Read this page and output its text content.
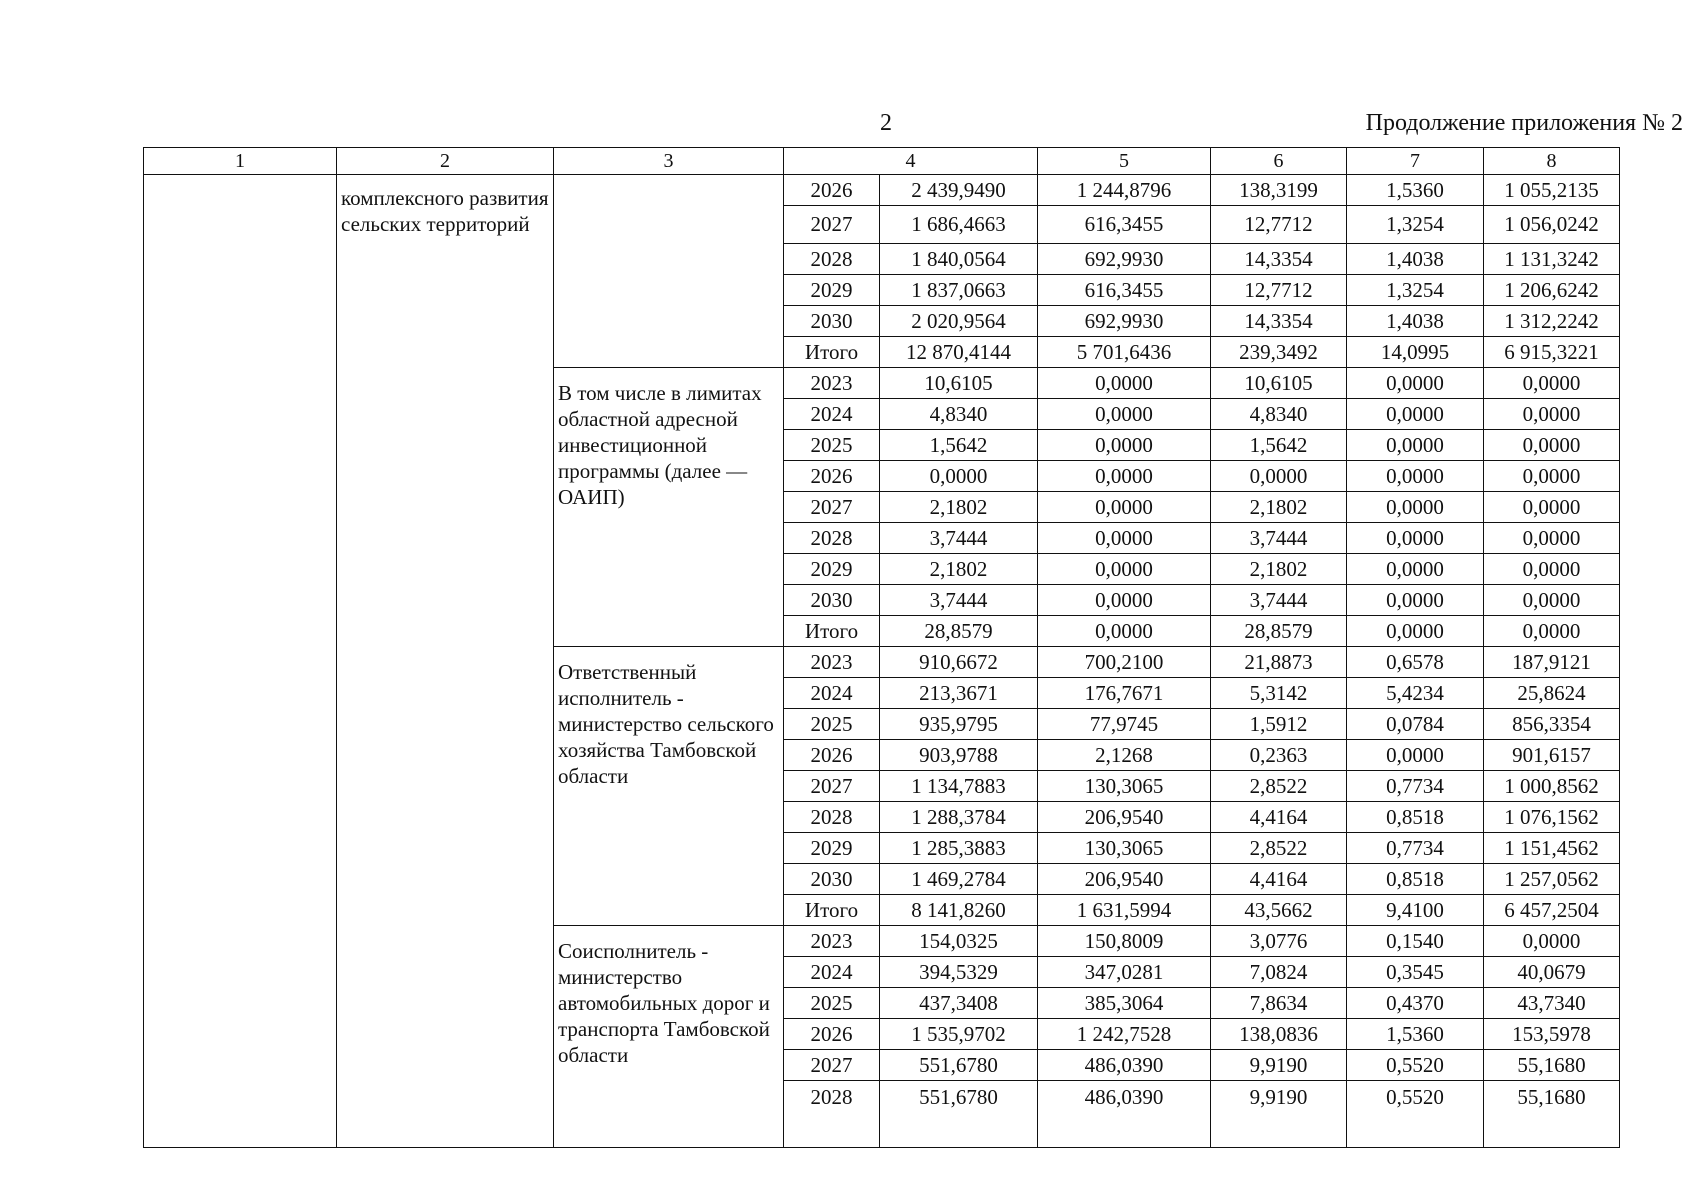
2	Продолжение приложения № 2
1	2	3	4		5	6	7	8
	комплексного развития сельских территорий		2026	2 439,9490	1 244,8796	138,3199	1,5360	1 055,2135
			2027	1 686,4663	616,3455	12,7712	1,3254	1 056,0242
			2028	1 840,0564	692,9930	14,3354	1,4038	1 131,3242
			2029	1 837,0663	616,3455	12,7712	1,3254	1 206,6242
			2030	2 020,9564	692,9930	14,3354	1,4038	1 312,2242
			Итого	12 870,4144	5 701,6436	239,3492	14,0995	6 915,3221
		В том числе в лимитах областной адресной инвестиционной программы (далее — ОАИП)	2023	10,6105	0,0000	10,6105	0,0000	0,0000
			2024	4,8340	0,0000	4,8340	0,0000	0,0000
			2025	1,5642	0,0000	1,5642	0,0000	0,0000
			2026	0,0000	0,0000	0,0000	0,0000	0,0000
			2027	2,1802	0,0000	2,1802	0,0000	0,0000
			2028	3,7444	0,0000	3,7444	0,0000	0,0000
			2029	2,1802	0,0000	2,1802	0,0000	0,0000
			2030	3,7444	0,0000	3,7444	0,0000	0,0000
			Итого	28,8579	0,0000	28,8579	0,0000	0,0000
		Ответственный исполнитель - министерство сельского хозяйства Тамбовской области	2023	910,6672	700,2100	21,8873	0,6578	187,9121
			2024	213,3671	176,7671	5,3142	5,4234	25,8624
			2025	935,9795	77,9745	1,5912	0,0784	856,3354
			2026	903,9788	2,1268	0,2363	0,0000	901,6157
			2027	1 134,7883	130,3065	2,8522	0,7734	1 000,8562
			2028	1 288,3784	206,9540	4,4164	0,8518	1 076,1562
			2029	1 285,3883	130,3065	2,8522	0,7734	1 151,4562
			2030	1 469,2784	206,9540	4,4164	0,8518	1 257,0562
			Итого	8 141,8260	1 631,5994	43,5662	9,4100	6 457,2504
		Соисполнитель - министерство автомобильных дорог и транспорта Тамбовской области	2023	154,0325	150,8009	3,0776	0,1540	0,0000
			2024	394,5329	347,0281	7,0824	0,3545	40,0679
			2025	437,3408	385,3064	7,8634	0,4370	43,7340
			2026	1 535,9702	1 242,7528	138,0836	1,5360	153,5978
			2027	551,6780	486,0390	9,9190	0,5520	55,1680
			2028	551,6780	486,0390	9,9190	0,5520	55,1680
